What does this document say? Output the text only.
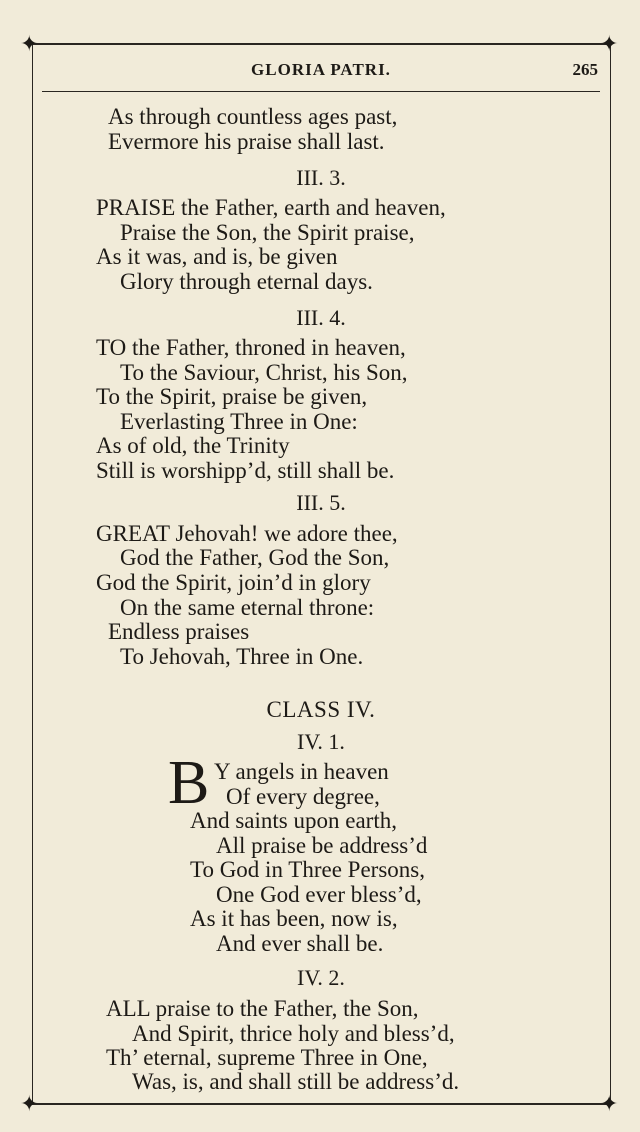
✦	✦
✦	✦
GLORIA PATRI.	265
As through countless ages past,
Evermore his praise shall last.
III. 3.
PRAISE the Father, earth and heaven,
Praise the Son, the Spirit praise,
As it was, and is, be given
Glory through eternal days.
III. 4.
TO the Father, throned in heaven,
To the Saviour, Christ, his Son,
To the Spirit, praise be given,
Everlasting Three in One:
As of old, the Trinity
Still is worshipp’d, still shall be.
III. 5.
GREAT Jehovah! we adore thee,
God the Father, God the Son,
God the Spirit, join’d in glory
On the same eternal throne:
Endless praises
To Jehovah, Three in One.
CLASS IV.
IV. 1.
B Y angels in heaven
Of every degree,
And saints upon earth,
All praise be address’d
To God in Three Persons,
One God ever bless’d,
As it has been, now is,
And ever shall be.
IV. 2.
ALL praise to the Father, the Son,
And Spirit, thrice holy and bless’d,
Th’ eternal, supreme Three in One,
Was, is, and shall still be address’d.
